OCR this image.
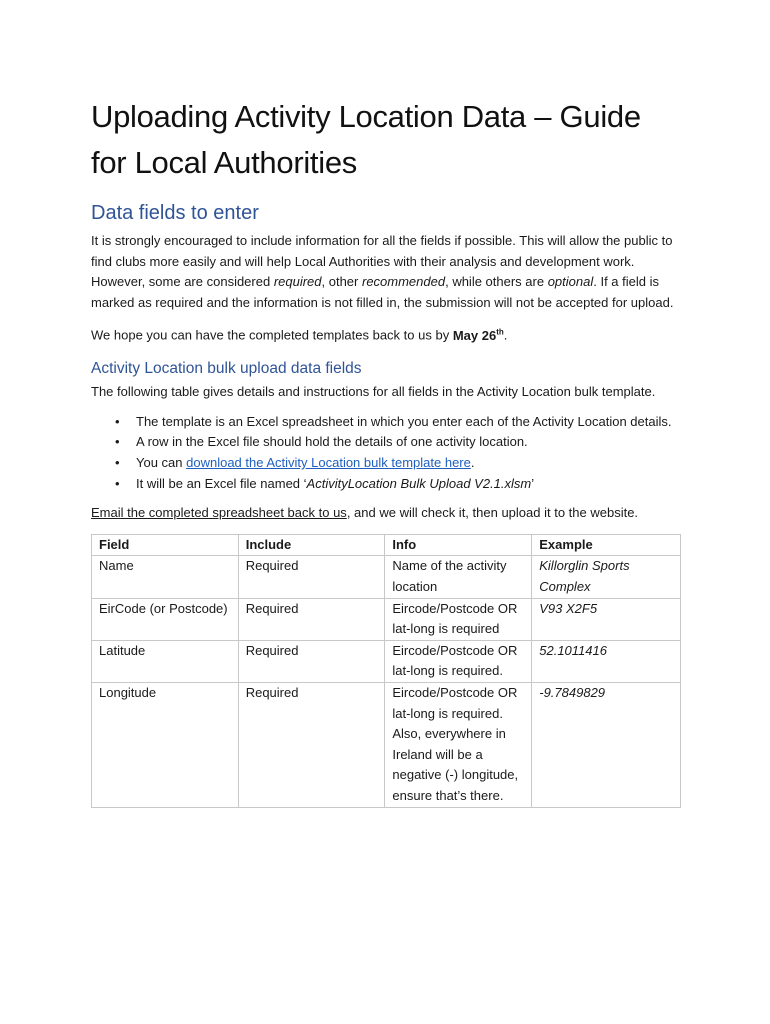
Uploading Activity Location Data – Guide
for Local Authorities
Data fields to enter

It is strongly encouraged to include information for all the fields if possible. This will allow the public to find clubs more easily and will help Local Authorities with their analysis and development work. However, some are considered required, other recommended, while others are optional. If a field is marked as required and the information is not filled in, the submission will not be accepted for upload.

We hope you can have the completed templates back to us by May 26th.

Activity Location bulk upload data fields

The following table gives details and instructions for all fields in the Activity Location bulk template.

• The template is an Excel spreadsheet in which you enter each of the Activity Location details.
• A row in the Excel file should hold the details of one activity location.
• You can download the Activity Location bulk template here.
• It will be an Excel file named ‘ActivityLocation Bulk Upload V2.1.xlsm’

Email the completed spreadsheet back to us, and we will check it, then upload it to the website.

Field	Include	Info	Example
Name	Required	Name of the activity location	Killorglin Sports Complex
EirCode (or Postcode)	Required	Eircode/Postcode OR lat-long is required	V93 X2F5
Latitude	Required	Eircode/Postcode OR lat-long is required.	52.1011416
Longitude	Required	Eircode/Postcode OR lat-long is required. Also, everywhere in Ireland will be a negative (-) longitude, ensure that’s there.	-9.7849829
